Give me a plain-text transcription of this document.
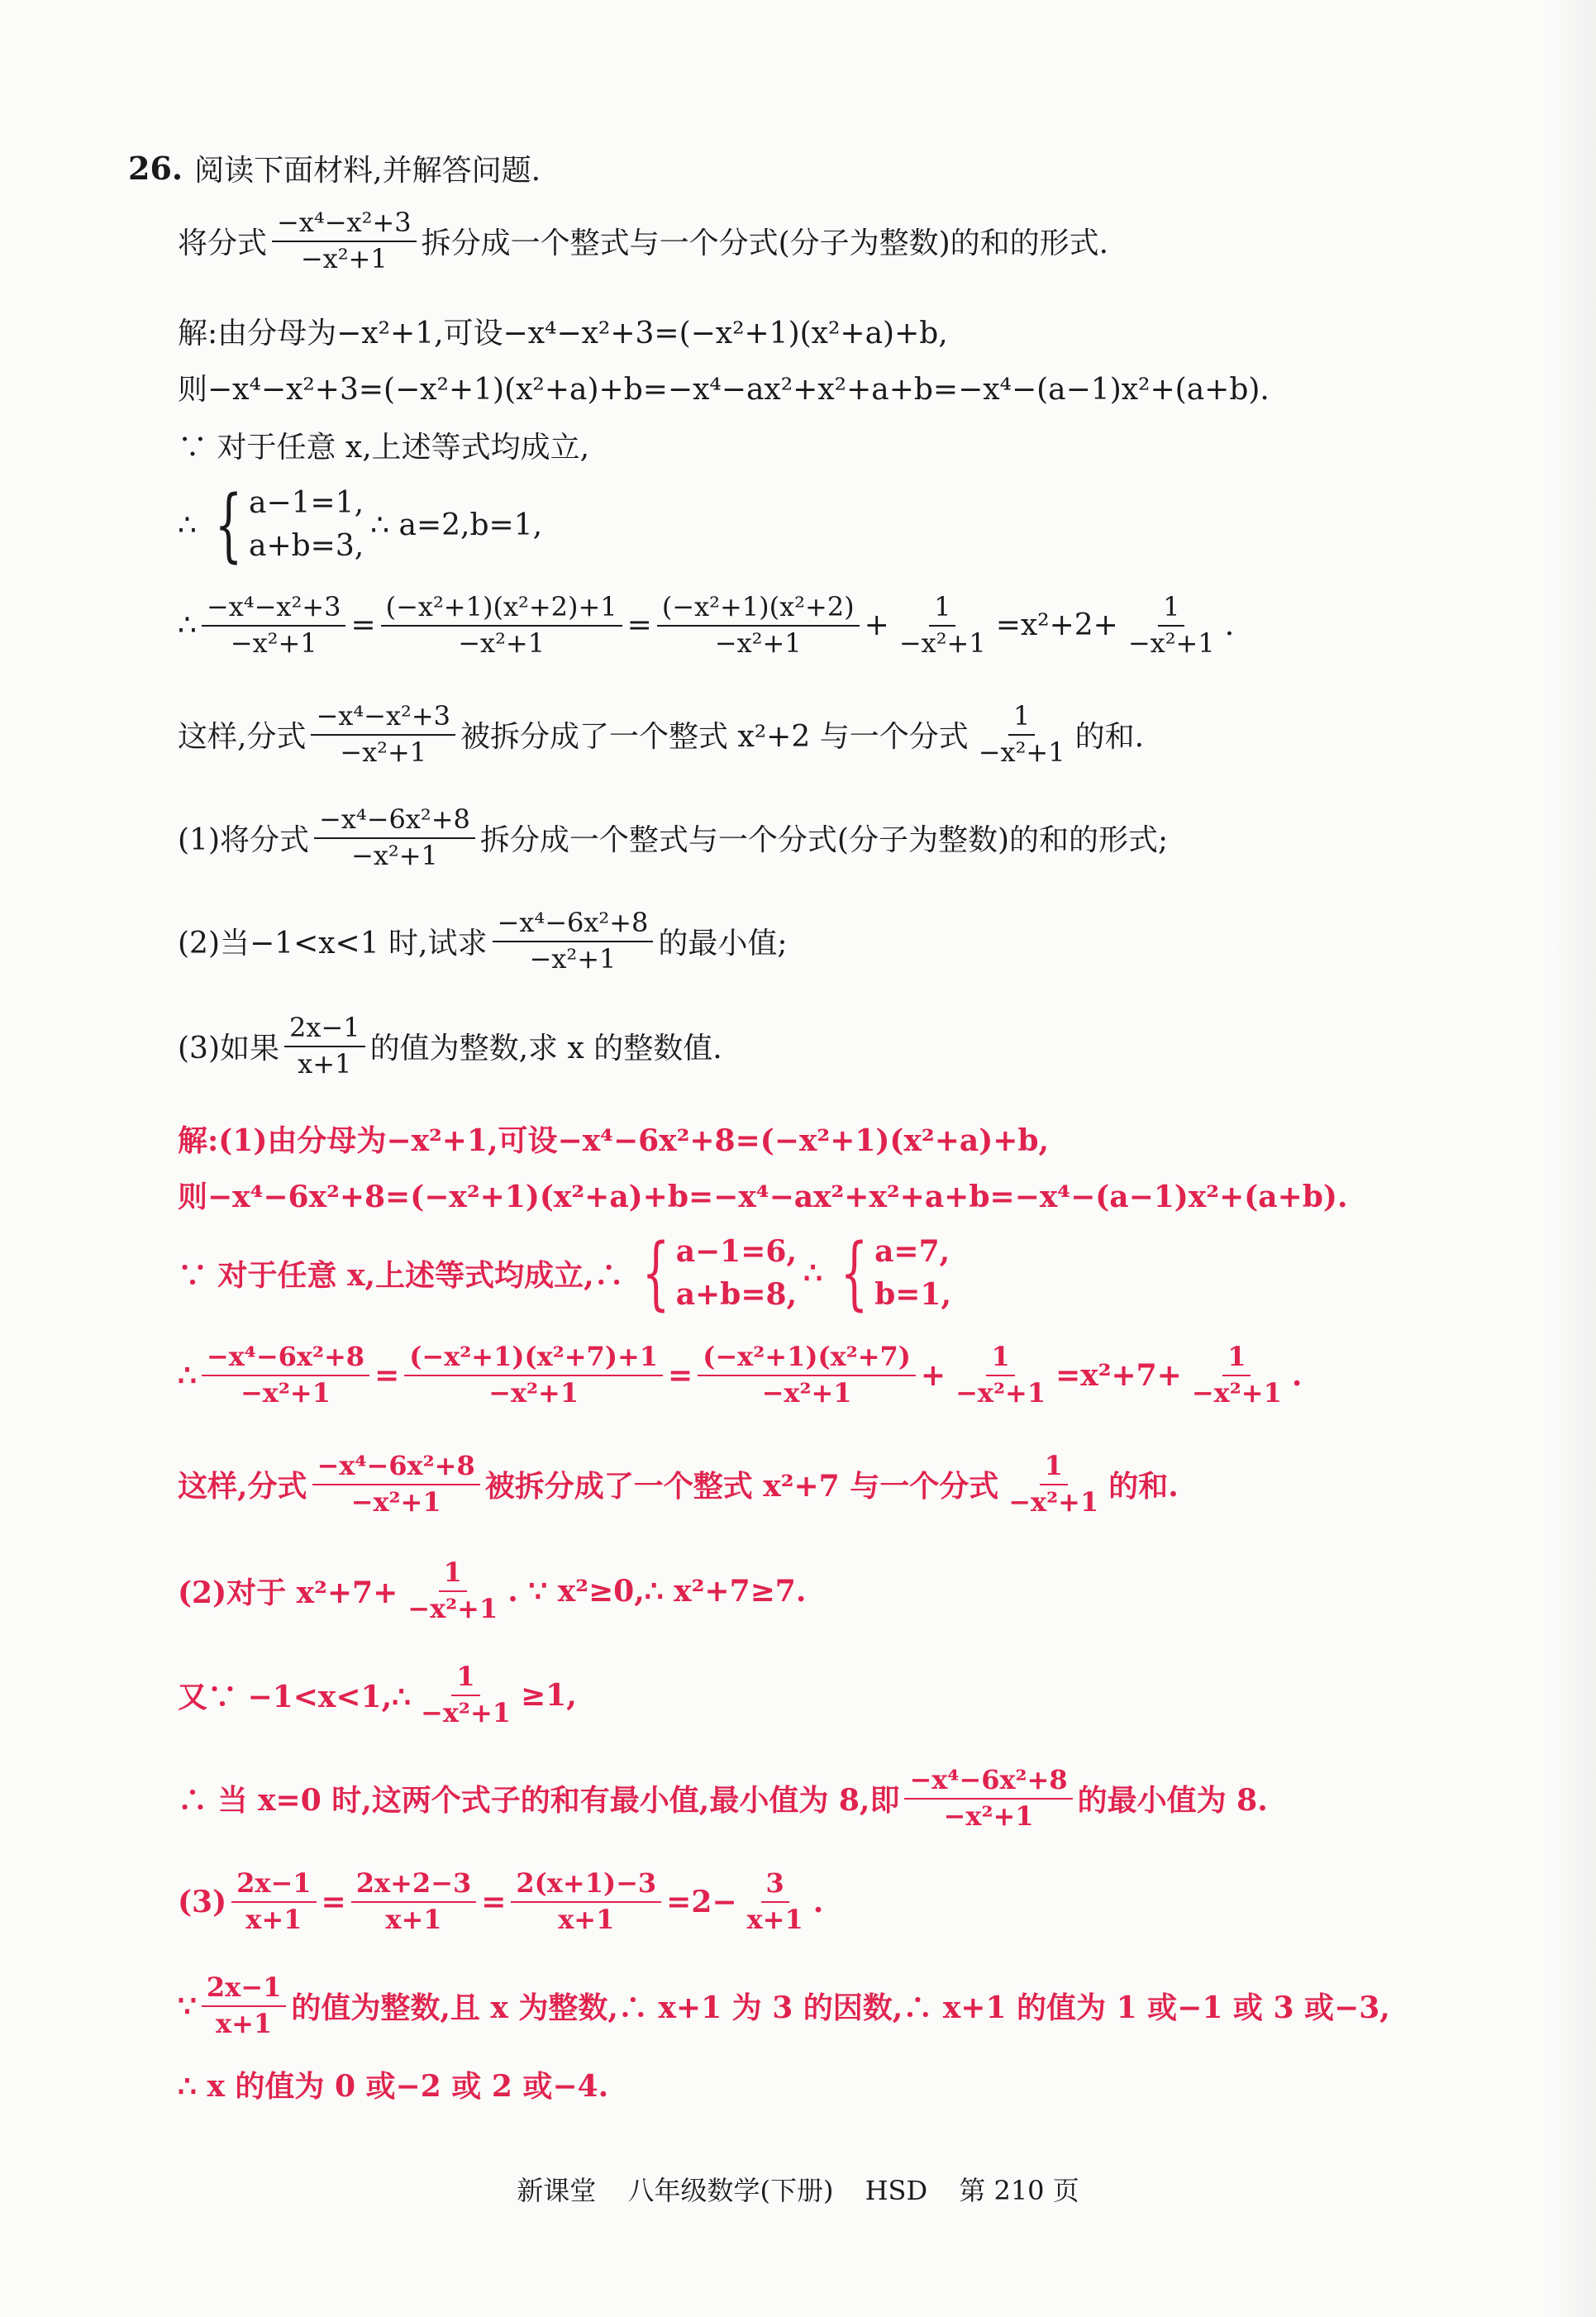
26. 阅读下面材料,并解答问题.
将分式 $\frac{\text{−x⁴−x²+3}}{\text{−x²+1}}$ 拆分成一个整式与一个分式(分子为整数)的和的形式.
解:由分母为−x²+1,可设−x⁴−x²+3=(−x²+1)(x²+a)+b,
则−x⁴−x²+3=(−x²+1)(x²+a)+b=−x⁴−ax²+x²+a+b=−x⁴−(a−1)x²+(a+b).
∵ 对于任意 x,上述等式均成立,
∴ { a−1=1,
a+b=3,
∴ a=2,b=1,
∴ $\frac{\text{−x⁴−x²+3}}{\text{−x²+1}} = \frac{\text{(−x²+1)(x²+2)+1}}{\text{−x²+1}} = \frac{\text{(−x²+1)(x²+2)}}{\text{−x²+1}} + \frac{1}{\text{−x²+1}} =x^2+2+ \frac{1}{\text{−x²+1}}$ .
这样,分式 $\frac{\text{−x⁴−x²+3}}{\text{−x²+1}}$ 被拆分成了一个整式 x²+2 与一个分式 $\frac{1}{\text{−x²+1}}$ 的和.
(1)将分式 $\frac{\text{−x⁴−6x²+8}}{\text{−x²+1}}$ 拆分成一个整式与一个分式(分子为整数)的和的形式;
(2)当−1<x<1 时,试求 $\frac{\text{−x⁴−6x²+8}}{\text{−x²+1}}$ 的最小值;
(3)如果 $\frac{2x-1}{x+1}$ 的值为整数,求 x 的整数值.
解:(1)由分母为−x²+1,可设−x⁴−6x²+8=(−x²+1)(x²+a)+b,
则−x⁴−6x²+8=(−x²+1)(x²+a)+b=−x⁴−ax²+x²+a+b=−x⁴−(a−1)x²+(a+b).
∵ 对于任意 x,上述等式均成立,∴ { a−1=6,
a+b=8,
∴ { a=7,
b=1,
∴ $\frac{\text{−x⁴−6x²+8}}{\text{−x²+1}} = \frac{\text{(−x²+1)(x²+7)+1}}{\text{−x²+1}} = \frac{\text{(−x²+1)(x²+7)}}{\text{−x²+1}} + \frac{1}{\text{−x²+1}} =x^2+7+ \frac{1}{\text{−x²+1}}$ .
这样,分式 $\frac{\text{−x⁴−6x²+8}}{\text{−x²+1}}$ 被拆分成了一个整式 x²+7 与一个分式 $\frac{1}{\text{−x²+1}}$ 的和.
(2)对于 $x^2+7+ \frac{1}{\text{−x²+1}}$ . ∵ x²≥0,∴ x²+7≥7.
又∵ −1<x<1,∴ $\frac{1}{\text{−x²+1}} \ge 1$,
∴ 当 x=0 时,这两个式子的和有最小值,最小值为 8,即 $\frac{\text{−x⁴−6x²+8}}{\text{−x²+1}}$ 的最小值为 8.
$(3) \frac{2x-1}{x+1} = \frac{2x+2-3}{x+1} = \frac{2(x+1)-3}{x+1} =2- \frac{3}{x+1}$ .
∵ $\frac{2x-1}{x+1}$ 的值为整数,且 x 为整数,∴ x+1 为 3 的因数,∴ x+1 的值为 1 或−1 或 3 或−3,
∴ x 的值为 0 或−2 或 2 或−4.
新课堂 八年级数学(下册) HSD 第 210 页
